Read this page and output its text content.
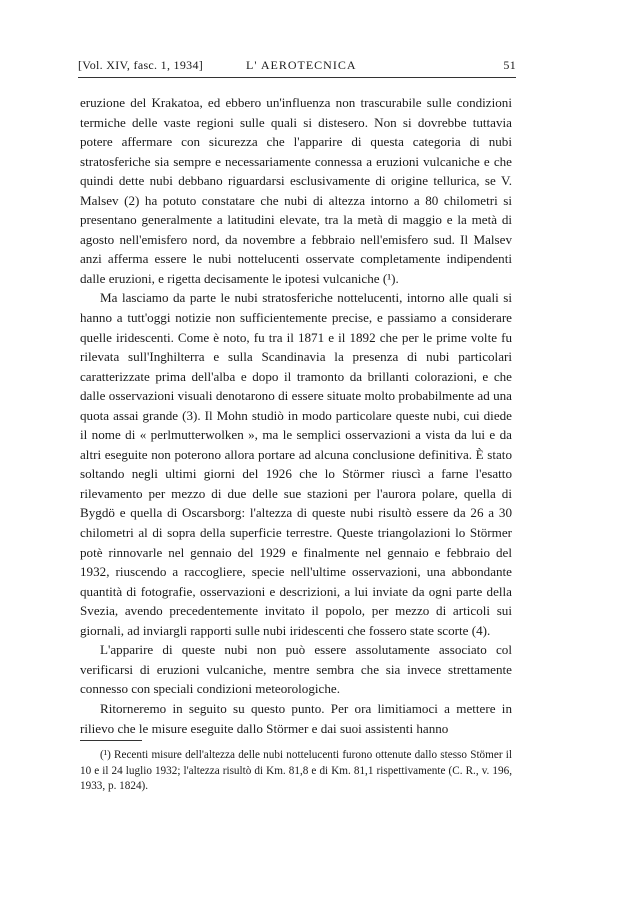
[Vol. XIV, fasc. 1, 1934]	L' AEROTECNICA	51

eruzione del Krakatoa, ed ebbero un'influenza non trascurabile sulle condizioni termiche delle vaste regioni sulle quali si distesero. Non si dovrebbe tuttavia potere affermare con sicurezza che l'apparire di questa categoria di nubi stratosferiche sia sempre e necessariamente connessa a eruzioni vulcaniche e che quindi dette nubi debbano riguardarsi esclusivamente di origine tellurica, se V. Malsev (2) ha potuto constatare che nubi di altezza intorno a 80 chilometri si presentano generalmente a latitudini elevate, tra la metà di maggio e la metà di agosto nell'emisfero nord, da novembre a febbraio nell'emisfero sud. Il Malsev anzi afferma essere le nubi nottelucenti osservate completamente indipendenti dalle eruzioni, e rigetta decisamente le ipotesi vulcaniche (¹).

Ma lasciamo da parte le nubi stratosferiche nottelucenti, intorno alle quali si hanno a tutt'oggi notizie non sufficientemente precise, e passiamo a considerare quelle iridescenti. Come è noto, fu tra il 1871 e il 1892 che per le prime volte fu rilevata sull'Inghilterra e sulla Scandinavia la presenza di nubi particolari caratterizzate prima dell'alba e dopo il tramonto da brillanti colorazioni, e che dalle osservazioni visuali denotarono di essere situate molto probabilmente ad una quota assai grande (3). Il Mohn studiò in modo particolare queste nubi, cui diede il nome di « perlmutterwolken », ma le semplici osservazioni a vista da lui e da altri eseguite non poterono allora portare ad alcuna conclusione definitiva. È stato soltando negli ultimi giorni del 1926 che lo Störmer riuscì a farne l'esatto rilevamento per mezzo di due delle sue stazioni per l'aurora polare, quella di Bygdö e quella di Oscarsborg: l'altezza di queste nubi risultò essere da 26 a 30 chilometri al di sopra della superficie terrestre. Queste triangolazioni lo Störmer potè rinnovarle nel gennaio del 1929 e finalmente nel gennaio e febbraio del 1932, riuscendo a raccogliere, specie nell'ultime osservazioni, una abbondante quantità di fotografie, osservazioni e descrizioni, a lui inviate da ogni parte della Svezia, avendo precedentemente invitato il popolo, per mezzo di articoli sui giornali, ad inviargli rapporti sulle nubi iridescenti che fossero state scorte (4).

L'apparire di queste nubi non può essere assolutamente associato col verificarsi di eruzioni vulcaniche, mentre sembra che sia invece strettamente connesso con speciali condizioni meteorologiche.

Ritorneremo in seguito su questo punto. Per ora limitiamoci a mettere in rilievo che le misure eseguite dallo Störmer e dai suoi assistenti hanno

(¹) Recenti misure dell'altezza delle nubi nottelucenti furono ottenute dallo stesso Stömer il 10 e il 24 luglio 1932; l'altezza risultò di Km. 81,8 e di Km. 81,1 rispettivamente (C. R., v. 196, 1933, p. 1824).
